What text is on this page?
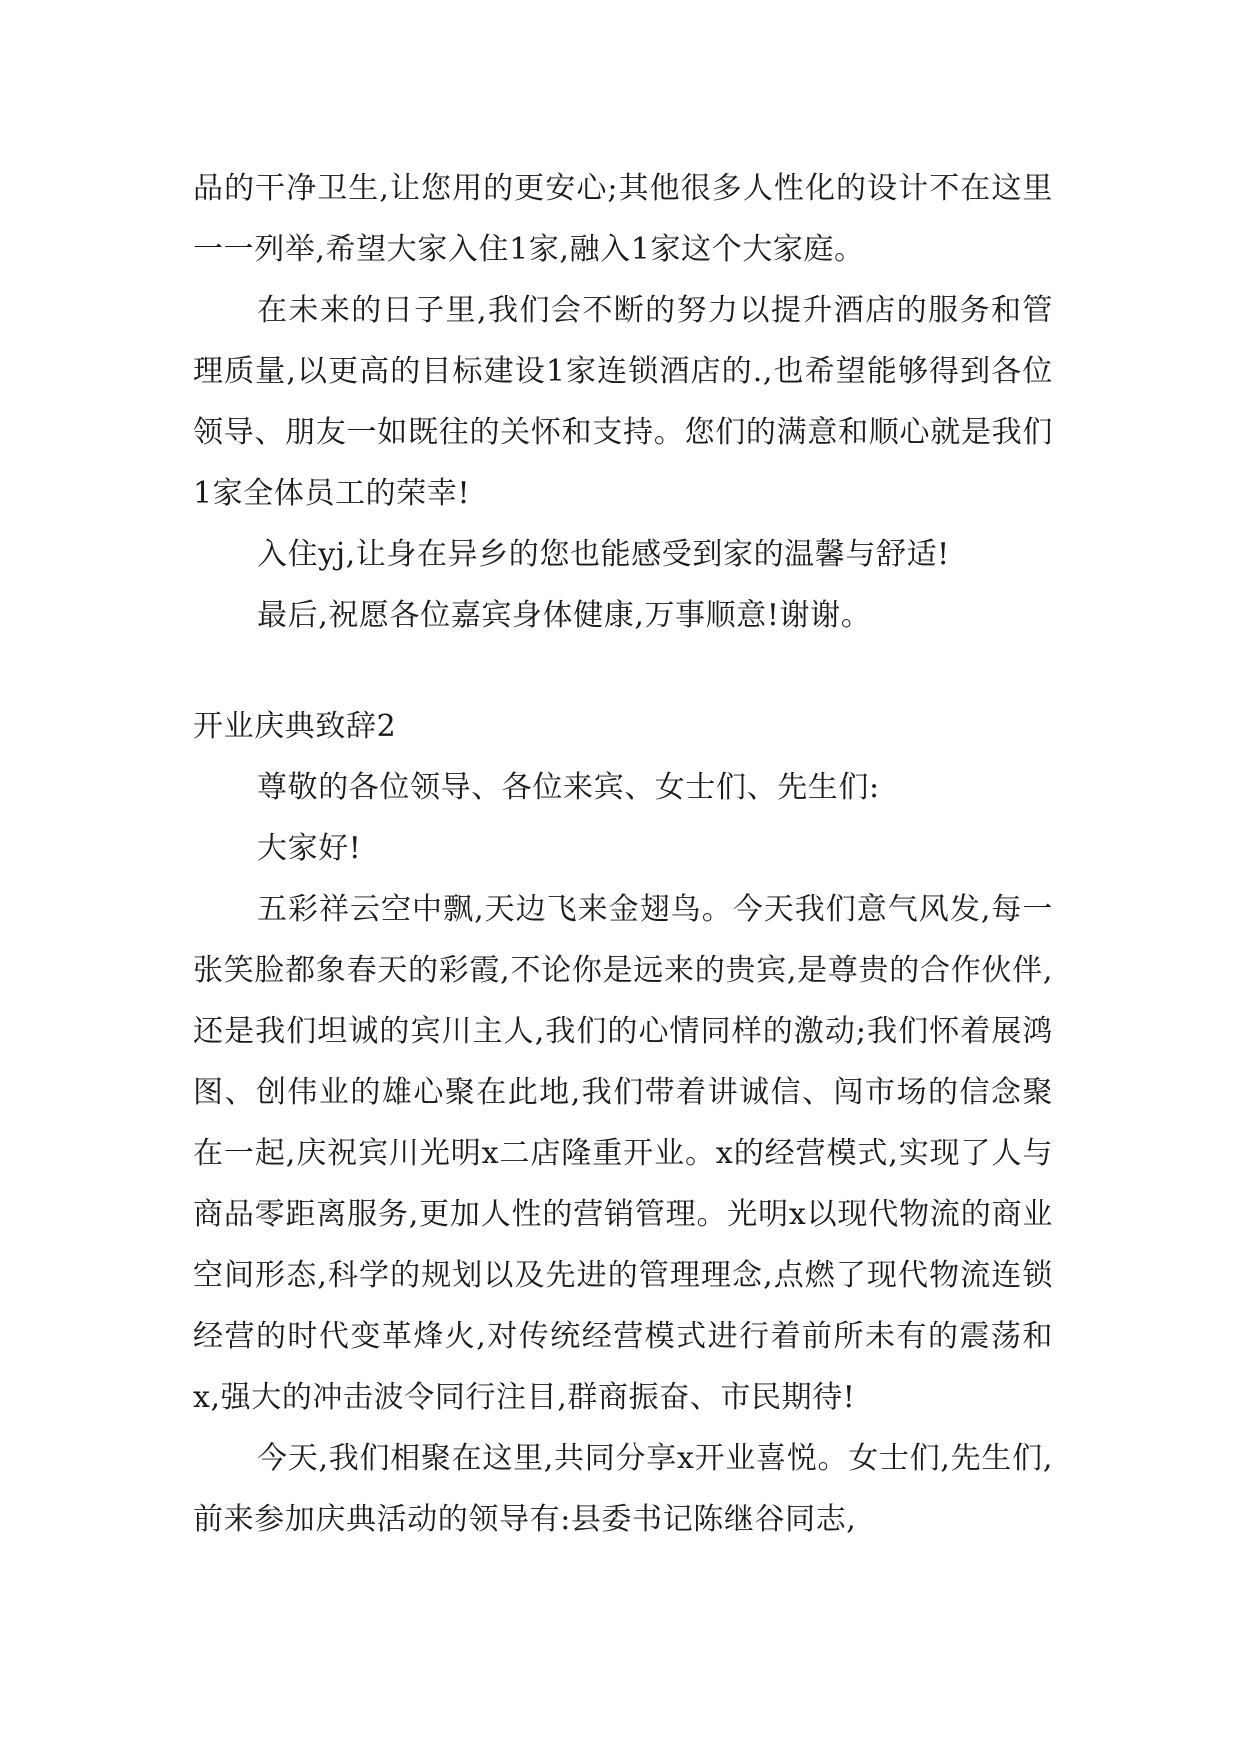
品的干净卫生,让您用的更安心;其他很多人性化的设计不在这里一一列举,希望大家入住1家,融入1家这个大家庭。

在未来的日子里,我们会不断的努力以提升酒店的服务和管理质量,以更高的目标建设1家连锁酒店的.,也希望能够得到各位领导、朋友一如既往的关怀和支持。您们的满意和顺心就是我们1家全体员工的荣幸!

入住yj,让身在异乡的您也能感受到家的温馨与舒适!

最后,祝愿各位嘉宾身体健康,万事顺意!谢谢。

开业庆典致辞2

尊敬的各位领导、各位来宾、女士们、先生们:

大家好!

五彩祥云空中飘,天边飞来金翅鸟。今天我们意气风发,每一张笑脸都象春天的彩霞,不论你是远来的贵宾,是尊贵的合作伙伴,还是我们坦诚的宾川主人,我们的心情同样的激动;我们怀着展鸿图、创伟业的雄心聚在此地,我们带着讲诚信、闯市场的信念聚在一起,庆祝宾川光明x二店隆重开业。x的经营模式,实现了人与商品零距离服务,更加人性的营销管理。光明x以现代物流的商业空间形态,科学的规划以及先进的管理理念,点燃了现代物流连锁经营的时代变革烽火,对传统经营模式进行着前所未有的震荡和x,强大的冲击波令同行注目,群商振奋、市民期待!

今天,我们相聚在这里,共同分享x开业喜悦。女士们,先生们,前来参加庆典活动的领导有:县委书记陈继谷同志,
